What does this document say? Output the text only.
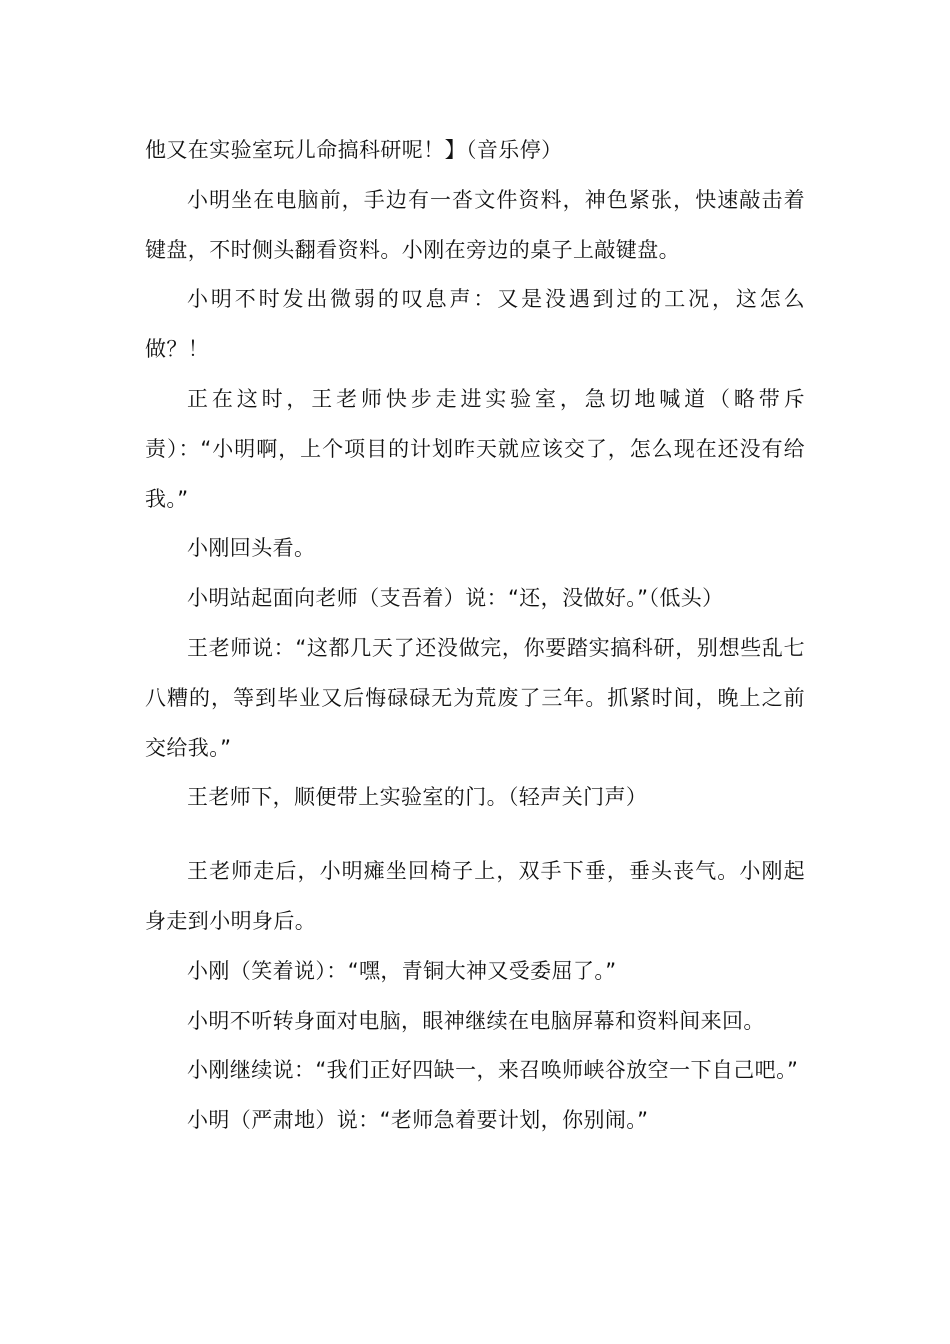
他又在实验室玩儿命搞科研呢！】（音乐停）

小明坐在电脑前，手边有一沓文件资料，神色紧张，快速敲击着键盘，不时侧头翻看资料。小刚在旁边的桌子上敲键盘。

小明不时发出微弱的叹息声：又是没遇到过的工况，这怎么做？！

正在这时，王老师快步走进实验室，急切地喊道（略带斥责）：“小明啊，上个项目的计划昨天就应该交了，怎么现在还没有给我。”

小刚回头看。

小明站起面向老师（支吾着）说：“还，没做好。”（低头）

王老师说：“这都几天了还没做完，你要踏实搞科研，别想些乱七八糟的，等到毕业又后悔碌碌无为荒废了三年。抓紧时间，晚上之前交给我。”

王老师下，顺便带上实验室的门。（轻声关门声）

王老师走后，小明瘫坐回椅子上，双手下垂，垂头丧气。小刚起身走到小明身后。

小刚（笑着说）：“嘿，青铜大神又受委屈了。”

小明不听转身面对电脑，眼神继续在电脑屏幕和资料间来回。

小刚继续说：“我们正好四缺一，来召唤师峡谷放空一下自己吧。”

小明（严肃地）说：“老师急着要计划，你别闹。”
